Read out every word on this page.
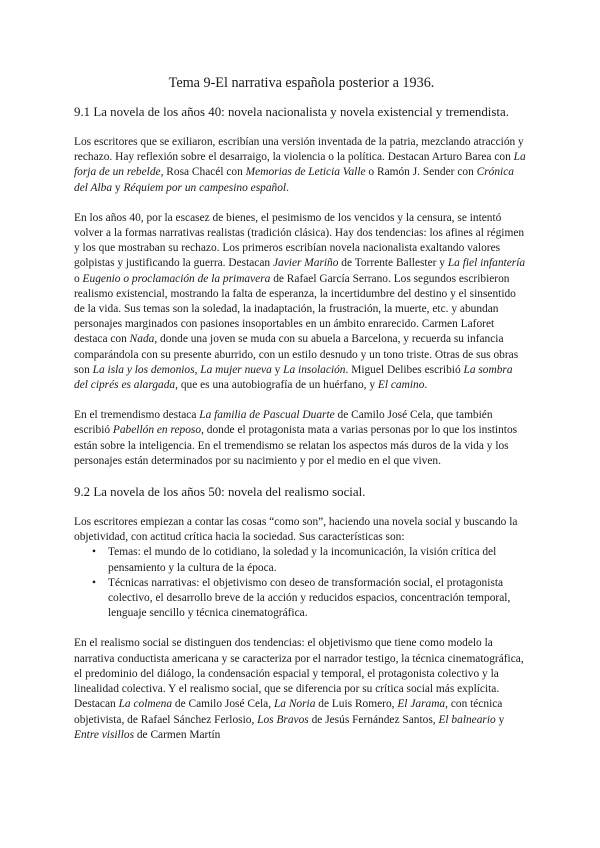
Tema 9-El narrativa española posterior a 1936.
9.1 La novela de los años 40: novela nacionalista y novela existencial y tremendista.

Los escritores que se exiliaron, escribían una versión inventada de la patria, mezclando atracción y rechazo. Hay reflexión sobre el desarraigo, la violencia o la política. Destacan Arturo Barea con La forja de un rebelde, Rosa Chacél con Memorias de Leticia Valle o Ramón J. Sender con Crónica del Alba y Réquiem por un campesino español.

En los años 40, por la escasez de bienes, el pesimismo de los vencidos y la censura, se intentó volver a la formas narrativas realistas (tradición clásica). Hay dos tendencias: los afines al régimen y los que mostraban su rechazo. Los primeros escribían novela nacionalista exaltando valores golpistas y justificando la guerra. Destacan Javier Mariño de Torrente Ballester y La fiel infantería o Eugenio o proclamación de la primavera de Rafael García Serrano. Los segundos escribieron realismo existencial, mostrando la falta de esperanza, la incertidumbre del destino y el sinsentido de la vida. Sus temas son la soledad, la inadaptación, la frustración, la muerte, etc. y abundan personajes marginados con pasiones insoportables en un ámbito enrarecido. Carmen Laforet destaca con Nada, donde una joven se muda con su abuela a Barcelona, y recuerda su infancia comparándola con su presente aburrido, con un estilo desnudo y un tono triste. Otras de sus obras son La isla y los demonios, La mujer nueva y La insolación. Miguel Delibes escribió La sombra del ciprés es alargada, que es una autobiografía de un huérfano, y El camino.

En el tremendismo destaca La familia de Pascual Duarte de Camilo José Cela, que también escribió Pabellón en reposo, donde el protagonista mata a varias personas por lo que los instintos están sobre la inteligencia. En el tremendismo se relatan los aspectos más duros de la vida y los personajes están determinados por su nacimiento y por el medio en el que viven.

9.2 La novela de los años 50: novela del realismo social.

Los escritores empiezan a contar las cosas “como son”, haciendo una novela social y buscando la objetividad, con actitud crítica hacia la sociedad. Sus características son:

• Temas: el mundo de lo cotidiano, la soledad y la incomunicación, la visión crítica del pensamiento y la cultura de la época.
• Técnicas narrativas: el objetivismo con deseo de transformación social, el protagonista colectivo, el desarrollo breve de la acción y reducidos espacios, concentración temporal, lenguaje sencillo y técnica cinematográfica.

En el realismo social se distinguen dos tendencias: el objetivismo que tiene como modelo la narrativa conductista americana y se caracteriza por el narrador testigo, la técnica cinematográfica, el predominio del diálogo, la condensación espacial y temporal, el protagonista colectivo y la linealidad colectiva. Y el realismo social, que se diferencia por su crítica social más explícita. Destacan La colmena de Camilo José Cela, La Noria de Luis Romero, El Jarama, con técnica objetivista, de Rafael Sánchez Ferlosio, Los Bravos de Jesús Fernández Santos, El balneario y Entre visillos de Carmen Martín
